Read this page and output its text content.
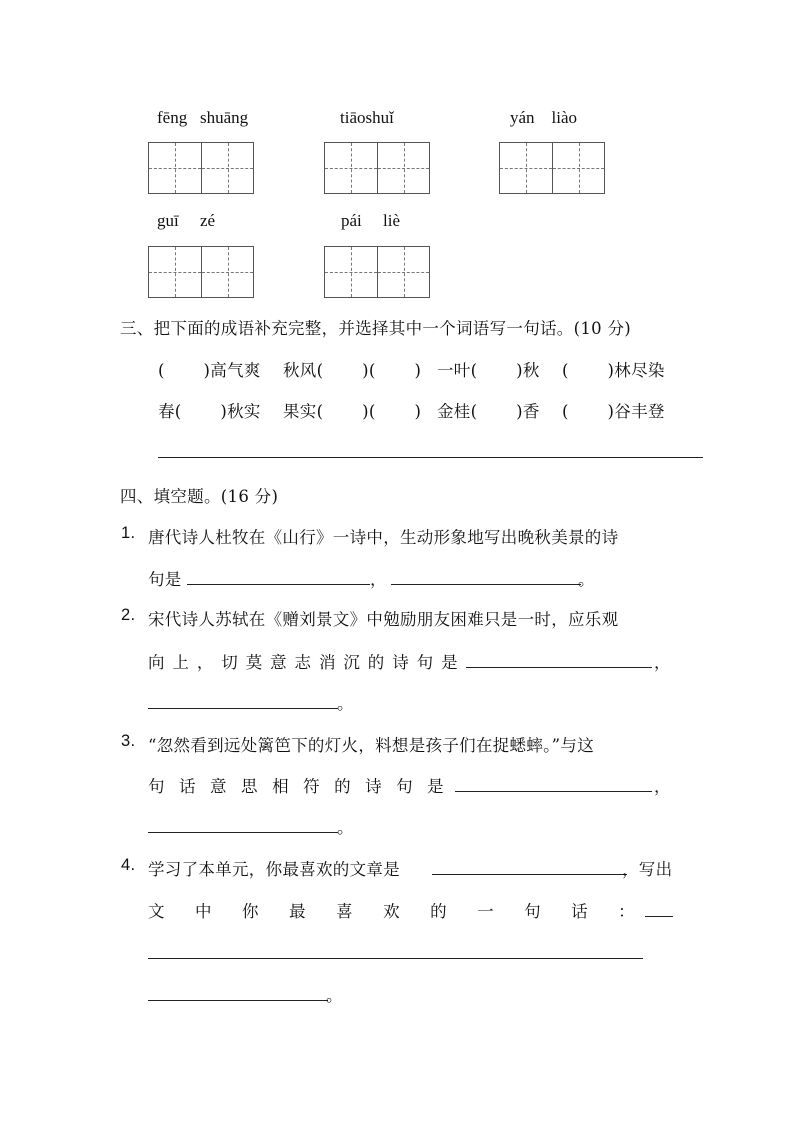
fēng   shuāng	tiāoshuǐ	yán    liào
guī     zé	pái     liè
三、把下面的成语补充完整，并选择其中一个词语写一句话。(10 分)
(       )高气爽 秋风(       )(       ) 一叶(       )秋 (       )林尽染
春(       )秋实 果实(       )(       ) 金桂(       )香 (       )谷丰登
四、填空题。(16 分)
1. 唐代诗人杜牧在《山行》一诗中，生动形象地写出晚秋美景的诗
句是	，	。
2. 宋代诗人苏轼在《赠刘景文》中勉励朋友困难只是一时，应乐观
向 上 ， 切 莫 意 志 消 沉 的 诗 句 是	，
。
3. “忽然看到远处篱笆下的灯火，料想是孩子们在捉蟋蟀。”与这
句 话 意 思 相 符 的 诗 句 是	，
。
4. 学习了本单元，你最喜欢的文章是	，写出
文 中 你 最 喜 欢 的 一 句 话 ：
。
